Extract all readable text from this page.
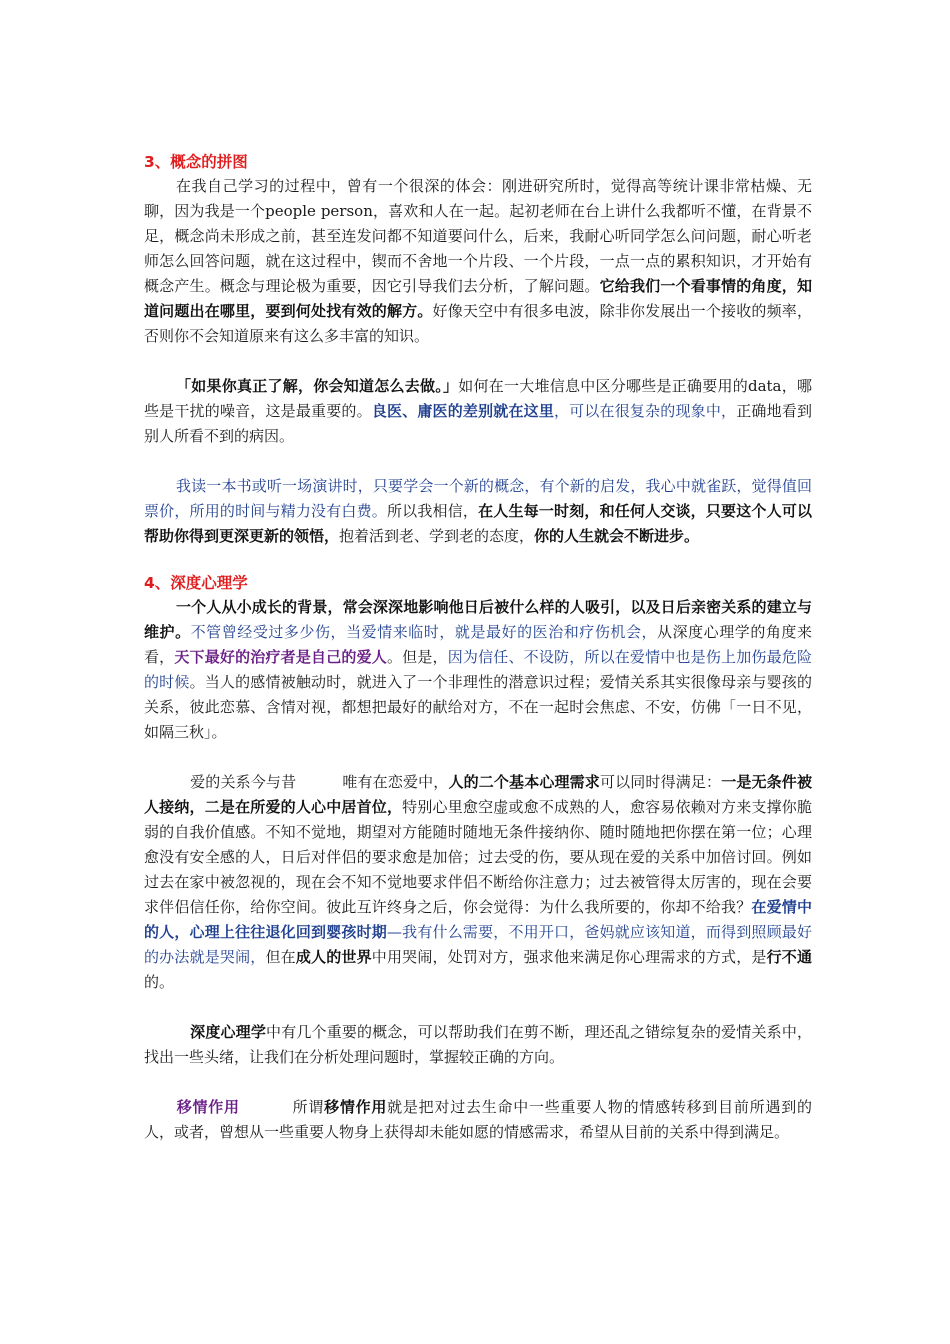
3、概念的拼图

在我自己学习的过程中，曾有一个很深的体会：刚进研究所时，觉得高等统计课非常枯燥、无聊，因为我是一个people person，喜欢和人在一起。起初老师在台上讲什么我都听不懂，在背景不足，概念尚未形成之前，甚至连发问都不知道要问什么，后来，我耐心听同学怎么问问题，耐心听老师怎么回答问题，就在这过程中，锲而不舍地一个片段、一个片段，一点一点的累积知识，才开始有概念产生。概念与理论极为重要，因它引导我们去分析，了解问题。它给我们一个看事情的角度，知道问题出在哪里，要到何处找有效的解方。好像天空中有很多电波，除非你发展出一个接收的频率，否则你不会知道原来有这么多丰富的知识。

「如果你真正了解，你会知道怎么去做。」如何在一大堆信息中区分哪些是正确要用的data，哪些是干扰的噪音，这是最重要的。良医、庸医的差别就在这里，可以在很复杂的现象中，正确地看到别人所看不到的病因。

我读一本书或听一场演讲时，只要学会一个新的概念，有个新的启发，我心中就雀跃，觉得值回票价，所用的时间与精力没有白费。所以我相信，在人生每一时刻，和任何人交谈，只要这个人可以帮助你得到更深更新的领悟，抱着活到老、学到老的态度，你的人生就会不断进步。

4、深度心理学

一个人从小成长的背景，常会深深地影响他日后被什么样的人吸引，以及日后亲密关系的建立与维护。不管曾经受过多少伤，当爱情来临时，就是最好的医治和疗伤机会，从深度心理学的角度来看，天下最好的治疗者是自己的爱人。但是，因为信任、不设防，所以在爱情中也是伤上加伤最危险的时候。当人的感情被触动时，就进入了一个非理性的潜意识过程；爱情关系其实很像母亲与婴孩的关系，彼此恋慕、含情对视，都想把最好的献给对方，不在一起时会焦虑、不安，仿佛「一日不见，如隔三秋」。

爱的关系今与昔	唯有在恋爱中，人的二个基本心理需求可以同时得满足：一是无条件被人接纳，二是在所爱的人心中居首位，特别心里愈空虚或愈不成熟的人，愈容易依赖对方来支撑你脆弱的自我价值感。不知不觉地，期望对方能随时随地无条件接纳你、随时随地把你摆在第一位；心理愈没有安全感的人，日后对伴侣的要求愈是加倍；过去受的伤，要从现在爱的关系中加倍讨回。例如过去在家中被忽视的，现在会不知不觉地要求伴侣不断给你注意力；过去被管得太厉害的，现在会要求伴侣信任你，给你空间。彼此互许终身之后，你会觉得：为什么我所要的，你却不给我？在爱情中的人，心理上往往退化回到婴孩时期—我有什么需要，不用开口，爸妈就应该知道，而得到照顾最好的办法就是哭闹，但在成人的世界中用哭闹，处罚对方，强求他来满足你心理需求的方式，是行不通的。

深度心理学中有几个重要的概念，可以帮助我们在剪不断，理还乱之错综复杂的爱情关系中，找出一些头绪，让我们在分析处理问题时，掌握较正确的方向。

移情作用	所谓移情作用就是把对过去生命中一些重要人物的情感转移到目前所遇到的人，或者，曾想从一些重要人物身上获得却未能如愿的情感需求，希望从目前的关系中得到满足。
